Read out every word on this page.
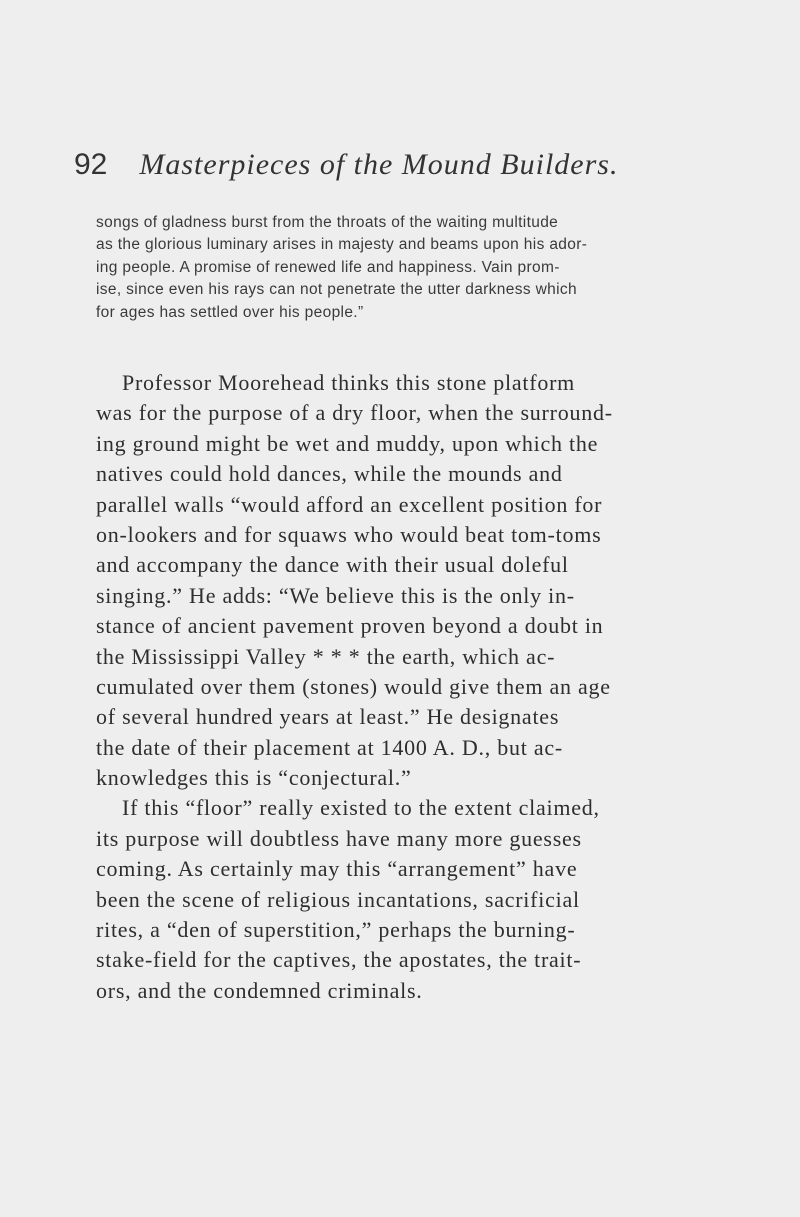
92 Masterpieces of the Mound Builders.
songs of gladness burst from the throats of the waiting multitude
as the glorious luminary arises in majesty and beams upon his ador-
ing people. A promise of renewed life and happiness. Vain prom-
ise, since even his rays can not penetrate the utter darkness which
for ages has settled over his people.”
Professor Moorehead thinks this stone platform
was for the purpose of a dry floor, when the surround-
ing ground might be wet and muddy, upon which the
natives could hold dances, while the mounds and
parallel walls “would afford an excellent position for
on-lookers and for squaws who would beat tom-toms
and accompany the dance with their usual doleful
singing.” He adds: “We believe this is the only in-
stance of ancient pavement proven beyond a doubt in
the Mississippi Valley * * * the earth, which ac-
cumulated over them (stones) would give them an age
of several hundred years at least.” He designates
the date of their placement at 1400 A. D., but ac-
knowledges this is “conjectural.”
If this “floor” really existed to the extent claimed,
its purpose will doubtless have many more guesses
coming. As certainly may this “arrangement” have
been the scene of religious incantations, sacrificial
rites, a “den of superstition,” perhaps the burning-
stake-field for the captives, the apostates, the trait-
ors, and the condemned criminals.
